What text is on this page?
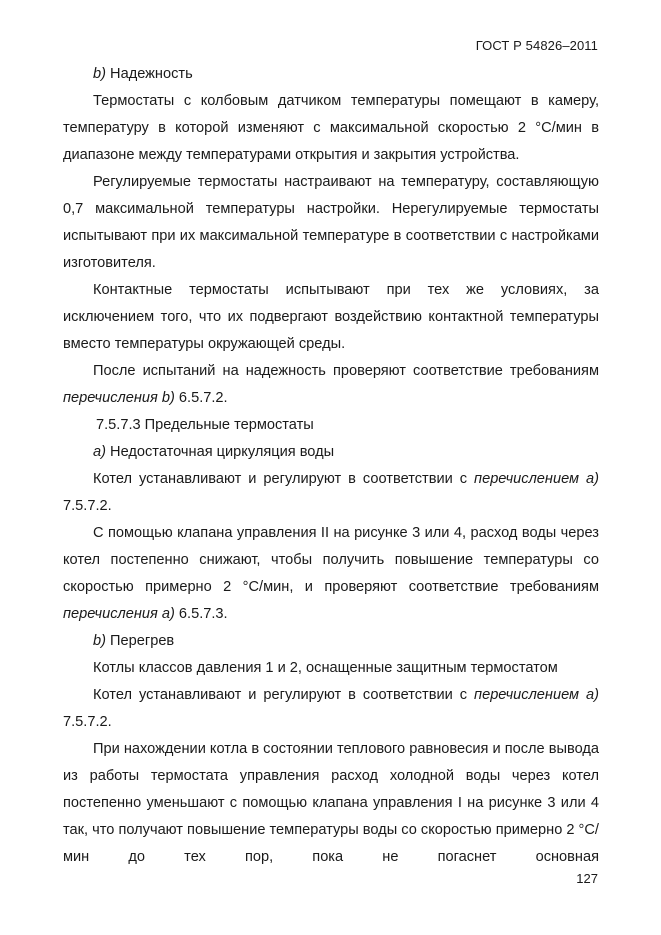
ГОСТ Р 54826–2011

b) Надежность

Термостаты с колбовым датчиком температуры помещают в камеру, температуру в которой изменяют с максимальной скоростью 2 °С/мин в диапазоне между температурами открытия и закрытия устройства.

Регулируемые термостаты настраивают на температуру, составляющую 0,7 максимальной температуры настройки. Нерегулируемые термостаты испытывают при их максимальной температуре в соответствии с настройками изготовителя.

Контактные термостаты испытывают при тех же условиях, за исключением того, что их подвергают воздействию контактной температуры вместо температуры окружающей среды.

После испытаний на надежность проверяют соответствие требованиям перечисления b) 6.5.7.2.

7.5.7.3 Предельные термостаты

а) Недостаточная циркуляция воды

Котел устанавливают и регулируют в соответствии с перечислением а) 7.5.7.2.

С помощью клапана управления II на рисунке 3 или 4, расход воды через котел постепенно снижают, чтобы получить повышение температуры со скоростью примерно 2 °С/мин, и проверяют соответствие требованиям перечисления а) 6.5.7.3.

b) Перегрев

Котлы классов давления 1 и 2, оснащенные защитным термостатом

Котел устанавливают и регулируют в соответствии с перечислением а) 7.5.7.2.

При нахождении котла в состоянии теплового равновесия и после вывода из работы термостата управления расход холодной воды через котел постепенно уменьшают с помощью клапана управления I на рисунке 3 или 4 так, что получают повышение температуры воды со скоростью примерно 2 °С/мин до тех пор, пока не погаснет основная

127
